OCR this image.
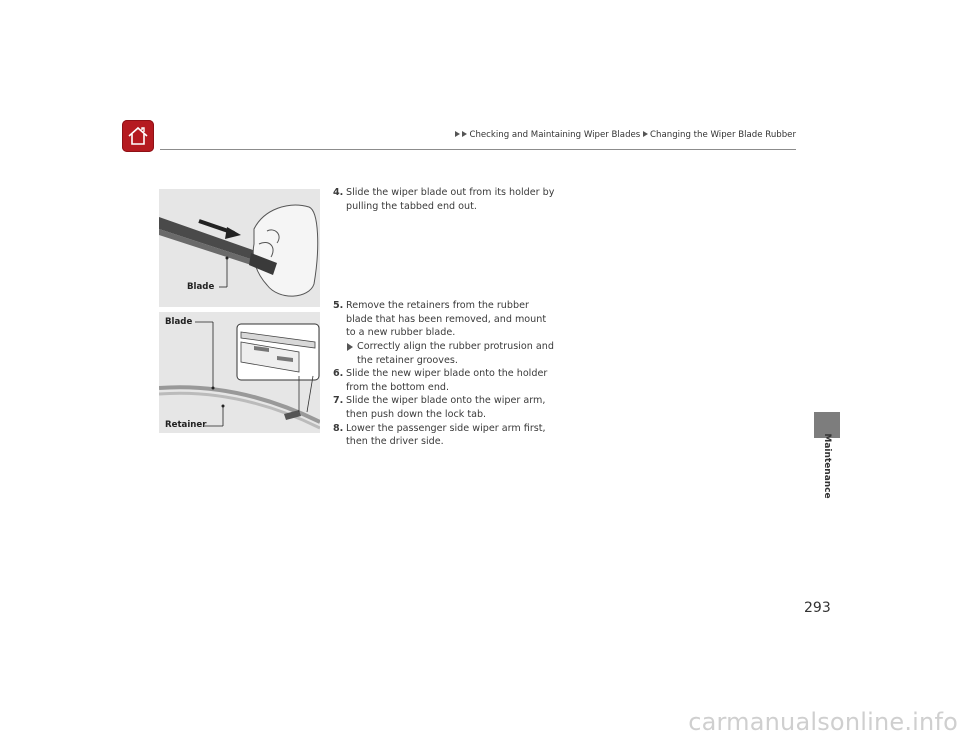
Checking and Maintaining Wiper Blades Changing the Wiper Blade Rubber
Maintenance
Blade
Blade
Retainer
4. Slide the wiper blade out from its holder by pulling the tabbed end out.
5. Remove the retainers from the rubber blade that has been removed, and mount to a new rubber blade.
Correctly align the rubber protrusion and the retainer grooves.
6. Slide the new wiper blade onto the holder from the bottom end.
7. Slide the wiper blade onto the wiper arm, then push down the lock tab.
8. Lower the passenger side wiper arm first, then the driver side.
293
carmanualsonline.info
